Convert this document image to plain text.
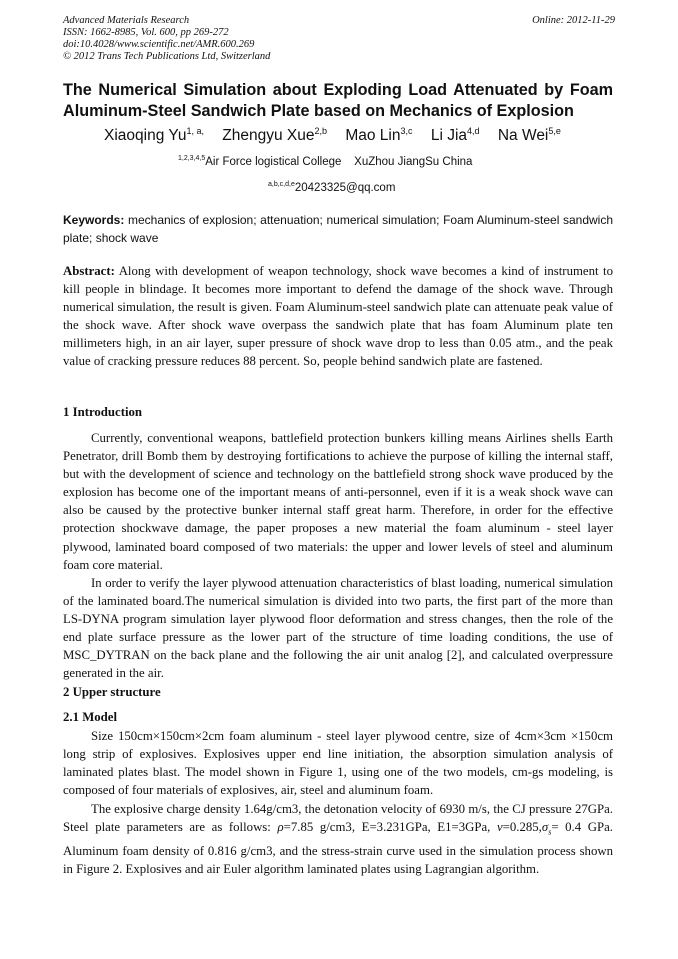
Advanced Materials Research
ISSN: 1662-8985, Vol. 600, pp 269-272
doi:10.4028/www.scientific.net/AMR.600.269
© 2012 Trans Tech Publications Ltd, Switzerland
Online: 2012-11-29
The Numerical Simulation about Exploding Load Attenuated by Foam
Aluminum-Steel Sandwich Plate based on Mechanics of Explosion
Xiaoqing $Yu^{1, a,}$ Zhengyu Xue$^{2,b}$ Mao Lin$^{3,c}$ Li Jia$^{4,d}$ Na Wei$^{5,e}$
$^{1,2,3,4,5}$Air Force logistical College    XuZhou JiangSu China
$^{a,b,c,d,e}$20423325@qq.com
Keywords: mechanics of explosion; attenuation; numerical simulation; Foam Aluminum-steel sandwich plate; shock wave
Abstract: Along with development of weapon technology, shock wave becomes a kind of instrument to kill people in blindage. It becomes more important to defend the damage of the shock wave. Through numerical simulation, the result is given. Foam Aluminum-steel sandwich plate can attenuate peak value of the shock wave. After shock wave overpass the sandwich plate that has foam Aluminum plate ten millimeters high, in an air layer, super pressure of shock wave drop to less than 0.05 atm., and the peak value of cracking pressure reduces 88 percent. So, people behind sandwich plate are fastened.
1 Introduction

Currently, conventional weapons, battlefield protection bunkers killing means Airlines shells Earth Penetrator, drill Bomb them by destroying fortifications to achieve the purpose of killing the internal staff, but with the development of science and technology on the battlefield strong shock wave produced by the explosion has become one of the important means of anti-personnel, even if it is a weak shock wave can also be caused by the protective bunker internal staff great harm. Therefore, in order for the effective protection shockwave damage, the paper proposes a new material the foam aluminum - steel layer plywood, laminated board composed of two materials: the upper and lower levels of steel and aluminum foam core material.

In order to verify the layer plywood attenuation characteristics of blast loading, numerical simulation of the laminated board.The numerical simulation is divided into two parts, the first part of the more than LS-DYNA program simulation layer plywood floor deformation and stress changes, then the role of the end plate surface pressure as the lower part of the structure of time loading conditions, the use of MSC_DYTRAN on the back plane and the following the air unit analog [2], and calculated overpressure generated in the air.

2 Upper structure
2.1 Model

Size 150cm×150cm×2cm foam aluminum - steel layer plywood centre, size of 4cm×3cm ×150cm long strip of explosives. Explosives upper end line initiation, the absorption simulation analysis of laminated plates blast. The model shown in Figure 1, using one of the two models, cm-gs modeling, is composed of four materials of explosives, air, steel and aluminum foam.

The explosive charge density 1.64g/cm3, the detonation velocity of 6930 m/s, the CJ pressure 27GPa. Steel plate parameters are as follows: ρ=7.85 g/cm3, E=3.231GPa, E1=3GPa, $\nu=0.285,\sigma_s= 0.4$ GPa. Aluminum foam density of 0.816 g/cm3, and the stress-strain curve used in the simulation process shown in Figure 2. Explosives and air Euler algorithm laminated plates using Lagrangian algorithm.
